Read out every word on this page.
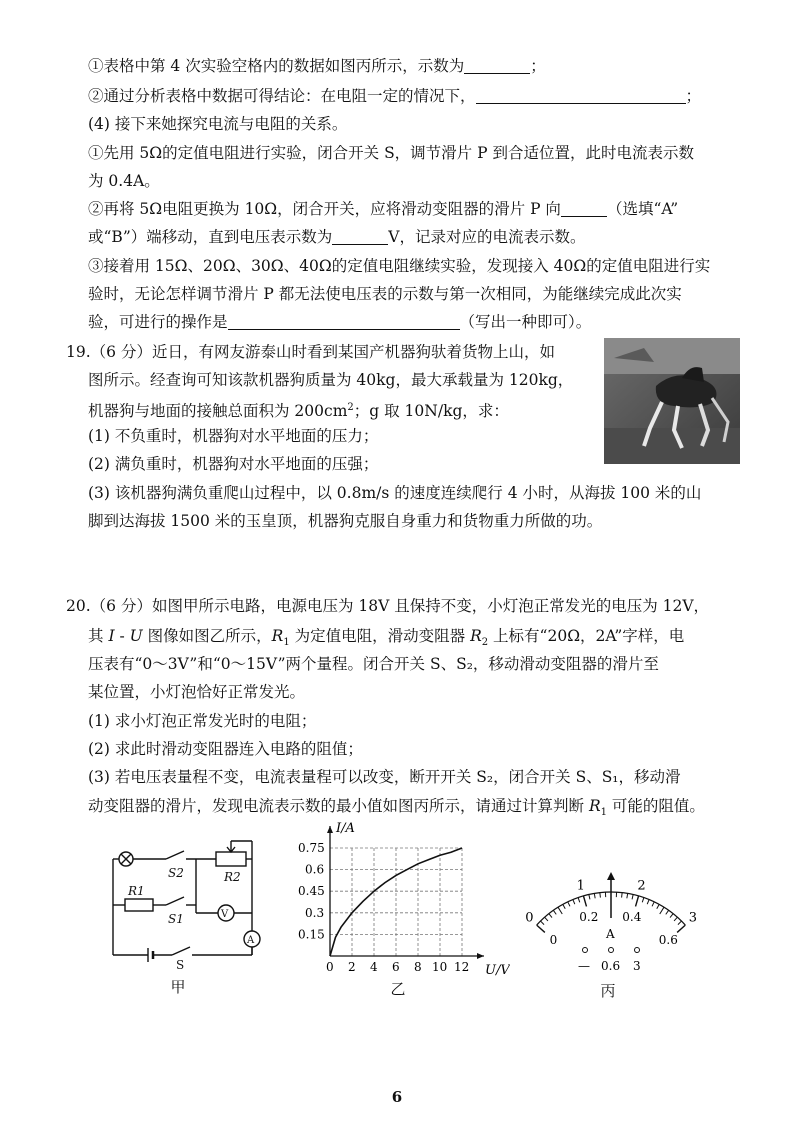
①表格中第 4 次实验空格内的数据如图丙所示，示数为	；
②通过分析表格中数据可得结论：在电阻一定的情况下，	；
(4) 接下来她探究电流与电阻的关系。
①先用 5Ω的定值电阻进行实验，闭合开关 S，调节滑片 P 到合适位置，此时电流表示数
为 0.4A。
②再将 5Ω电阻更换为 10Ω，闭合开关，应将滑动变阻器的滑片 P 向	（选填“A”
或“B”）端移动，直到电压表示数为	V，记录对应的电流表示数。
③接着用 15Ω、20Ω、30Ω、40Ω的定值电阻继续实验，发现接入 40Ω的定值电阻进行实
验时，无论怎样调节滑片 P 都无法使电压表的示数与第一次相同，为能继续完成此次实
验，可进行的操作是	（写出一种即可）。
19.（6 分）近日，有网友游泰山时看到某国产机器狗驮着货物上山，如
图所示。经查询可知该款机器狗质量为 40kg，最大承载量为 120kg，
机器狗与地面的接触总面积为 $200cm^2$；g 取 10N/kg，求：
(1) 不负重时，机器狗对水平地面的压力；
(2) 满负重时，机器狗对水平地面的压强；
(3) 该机器狗满负重爬山过程中，以 0.8m/s 的速度连续爬行 4 小时，从海拔 100 米的山
脚到达海拔 1500 米的玉皇顶，机器狗克服自身重力和货物重力所做的功。
20.（6 分）如图甲所示电路，电源电压为 18V 且保持不变，小灯泡正常发光的电压为 12V，
其 I - U 图像如图乙所示，$R_1$ 为定值电阻，滑动变阻器 $R_2$ 上标有“20Ω，2A”字样，电
压表有“0～3V”和“0～15V”两个量程。闭合开关 S、S₂，移动滑动变阻器的滑片至
某位置，小灯泡恰好正常发光。
(1) 求小灯泡正常发光时的电阻；
(2) 求此时滑动变阻器连入电路的阻值；
(3) 若电压表量程不变，电流表量程可以改变，断开开关 S₂，闭合开关 S、S₁，移动滑
动变阻器的滑片，发现电流表示数的最小值如图丙所示，请通过计算判断 $R_1$ 可能的阻值。
S2	R2
R1
S1	V
A
S
甲
0.15
0.3
0.45
0.6
0.75
0 2 4 6 8 10 12
I/A
U/V
乙
0
1	2
3
0
0.2 0.4
0.6
A
— 0.6 3
丙
6
